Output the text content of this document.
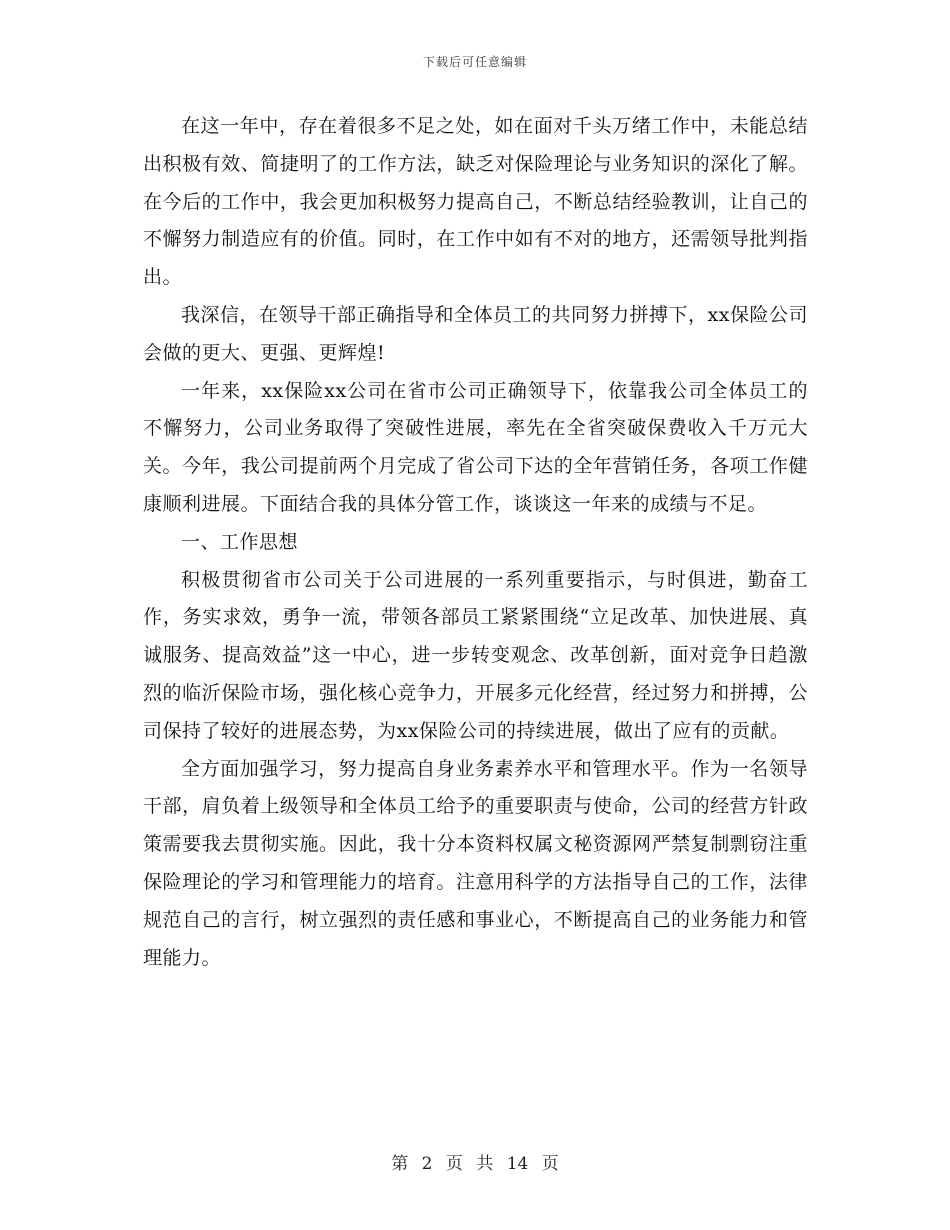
下载后可任意编辑

在这一年中，存在着很多不足之处，如在面对千头万绪工作中，未能总结出积极有效、简捷明了的工作方法，缺乏对保险理论与业务知识的深化了解。在今后的工作中，我会更加积极努力提高自己，不断总结经验教训，让自己的不懈努力制造应有的价值。同时，在工作中如有不对的地方，还需领导批判指出。

我深信，在领导干部正确指导和全体员工的共同努力拼搏下，xx保险公司会做的更大、更强、更辉煌!

一年来，xx保险xx公司在省市公司正确领导下，依靠我公司全体员工的不懈努力，公司业务取得了突破性进展，率先在全省突破保费收入千万元大关。今年，我公司提前两个月完成了省公司下达的全年营销任务，各项工作健康顺利进展。下面结合我的具体分管工作，谈谈这一年来的成绩与不足。

一、工作思想

积极贯彻省市公司关于公司进展的一系列重要指示，与时俱进，勤奋工作，务实求效，勇争一流，带领各部员工紧紧围绕“立足改革、加快进展、真诚服务、提高效益”这一中心，进一步转变观念、改革创新，面对竞争日趋激烈的临沂保险市场，强化核心竞争力，开展多元化经营，经过努力和拼搏，公司保持了较好的进展态势，为xx保险公司的持续进展，做出了应有的贡献。

全方面加强学习，努力提高自身业务素养水平和管理水平。作为一名领导干部，肩负着上级领导和全体员工给予的重要职责与使命，公司的经营方针政策需要我去贯彻实施。因此，我十分本资料权属文秘资源网严禁复制剽窃注重保险理论的学习和管理能力的培育。注意用科学的方法指导自己的工作，法律规范自己的言行，树立强烈的责任感和事业心，不断提高自己的业务能力和管理能力。

第 2 页 共 14 页
